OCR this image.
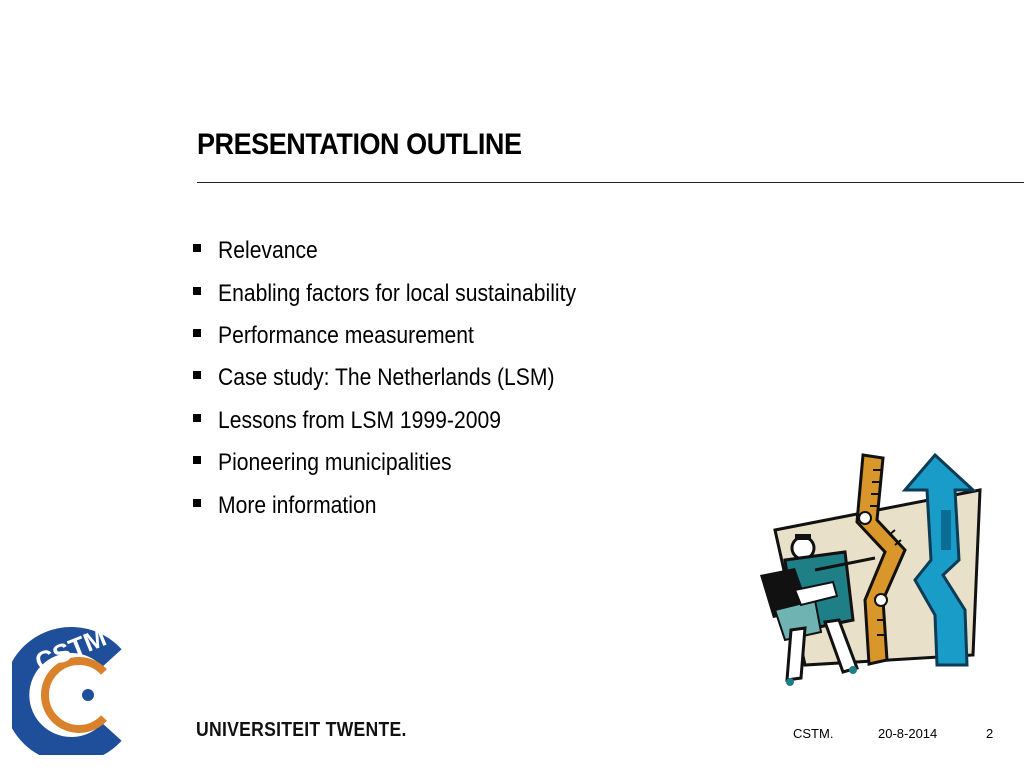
PRESENTATION OUTLINE
Relevance
Enabling factors for local sustainability
Performance measurement
Case study: The Netherlands (LSM)
Lessons from LSM 1999-2009
Pioneering municipalities
More information
CSTM
UNIVERSITEIT TWENTE.	CSTM.	20-8-2014	2
